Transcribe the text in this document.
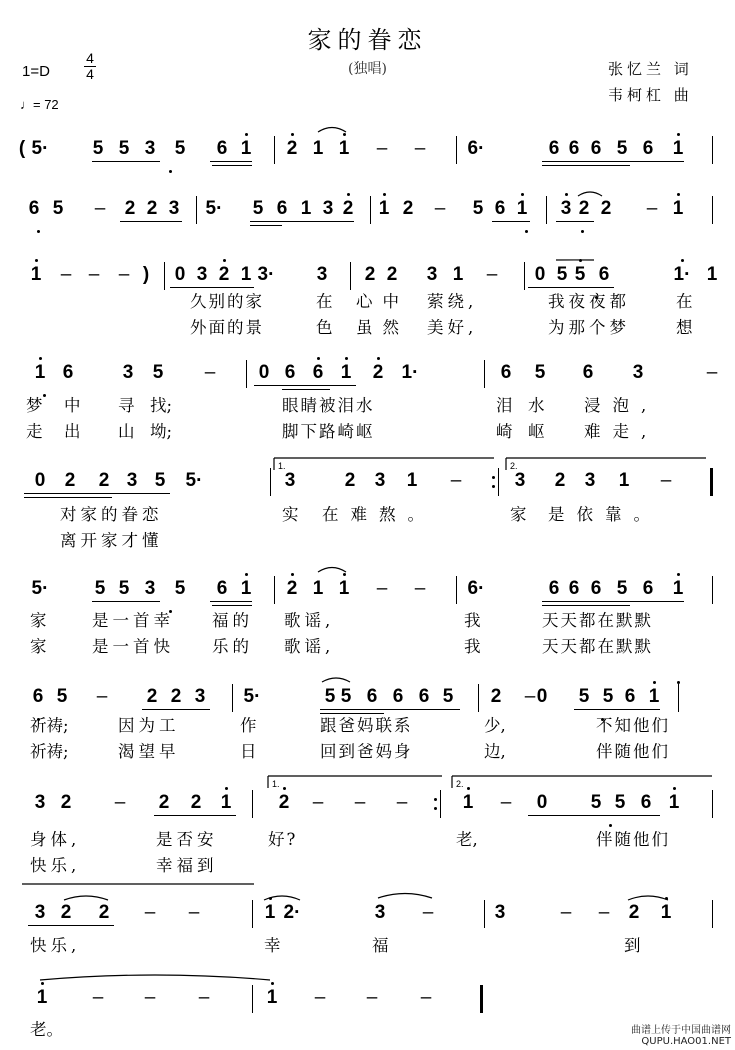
家的眷恋
(独唱)
1=D
4
4
♩= 72
张忆兰 词
韦柯杠 曲
( 5· 5 5 3 5 6 1 2 1 1 – – 6·	6 6 6 5 6 1
6 5 – 2 2 3 5· 5 6 1 3 2 1 2 – 5 6 1 3 2 2 – 1
1 – – – ) 0 3 2 1 3· 3 2 2 3 1 – 0 5 5 6	1· 1
1 6	3 5 – 0 6 6 1 2 1·	6 5 6 3	–
0 2 2 3 5 5·	3	2 3 1 –	3 2 3 1 –
5· 5 5 3 5 6 1 2 1 1 – – 6·	6 6 6 5 6 1
6 5 – 2 2 3 5·	5 5 6 6 6 5 2 – 0 5 5 6 1
3 2 – 2 2 1 2 – – –	1 – 0 5 5 6 1
3 2 2 – –	1 2·	3 –	3	– – 2 1
1 – – –	1 – – –
久别的家	在 心中 萦绕,	我夜夜都	在
外面的景	色 虽然 美好,	为那个梦	想
梦 中 寻 找;	眼睛被泪水	泪 水 浸泡,
走 出 山 坳;	脚下路崎岖	崎 岖 难走,
对家的眷恋	实 在难熬。	家 是依靠。
离开家才懂
家	是一首幸 福的 歌谣,	我	天天都在默默
家	是一首快 乐的 歌谣,	我	天天都在默默
祈祷;	因为工	作	跟爸妈联系	少,	不知他们
祈祷;	渴望早	日	回到爸妈身	边,	伴随他们
身体,	是否安	好?	老,	伴随他们
快乐,	幸福到
快乐,	幸	福	到
老。	曲谱上传于中国曲谱网
QUPU.HAO01.NET
1.	2.
1.	2.
